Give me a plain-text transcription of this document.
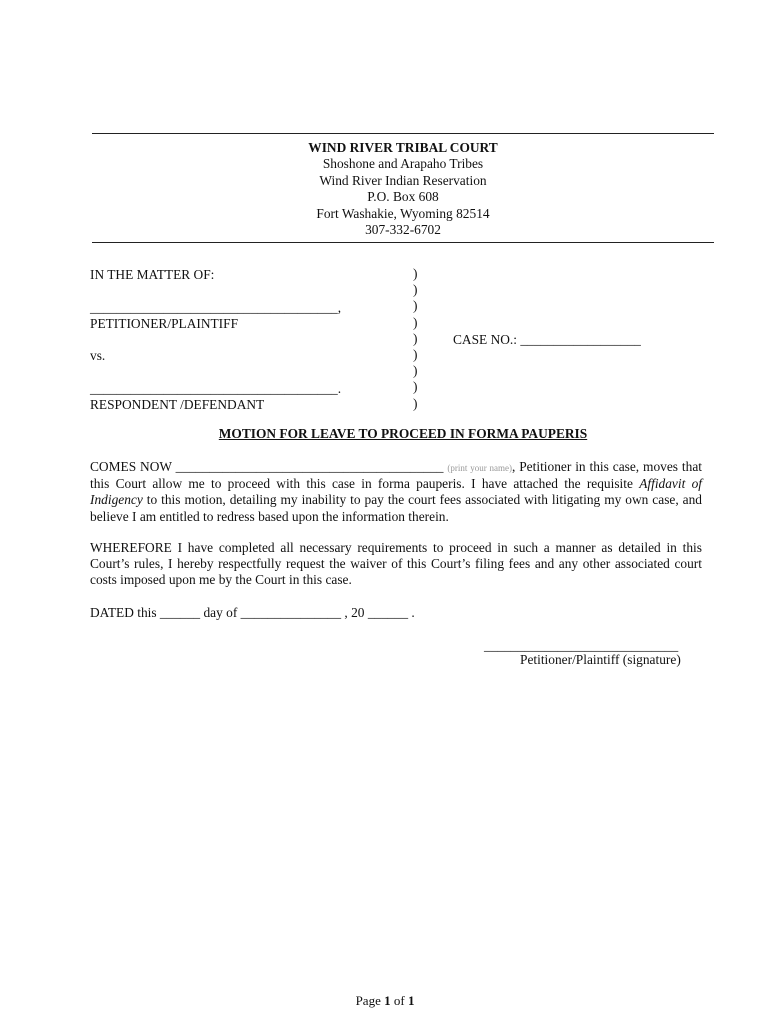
WIND RIVER TRIBAL COURT
Shoshone and Arapaho Tribes
Wind River Indian Reservation
P.O. Box 608
Fort Washakie, Wyoming 82514
307-332-6702
IN THE MATTER OF:
_____________________________________,
PETITIONER/PLAINTIFF
vs.
_____________________________________.
RESPONDENT /DEFENDANT
)
)
)
)
)
)
)
)
)
CASE NO.: __________________
MOTION FOR LEAVE TO PROCEED IN FORMA PAUPERIS
COMES NOW ________________________________________ (print your name), Petitioner in this case, moves that this Court allow me to proceed with this case in forma pauperis. I have attached the requisite Affidavit of Indigency to this motion, detailing my inability to pay the court fees associated with litigating my own case, and believe I am entitled to redress based upon the information therein.
WHEREFORE I have completed all necessary requirements to proceed in such a manner as detailed in this Court’s rules, I hereby respectfully request the waiver of this Court’s filing fees and any other associated court costs imposed upon me by the Court in this case.
DATED this ______ day of _______________ , 20 ______ .
_____________________________
Petitioner/Plaintiff (signature)
Page 1 of 1
